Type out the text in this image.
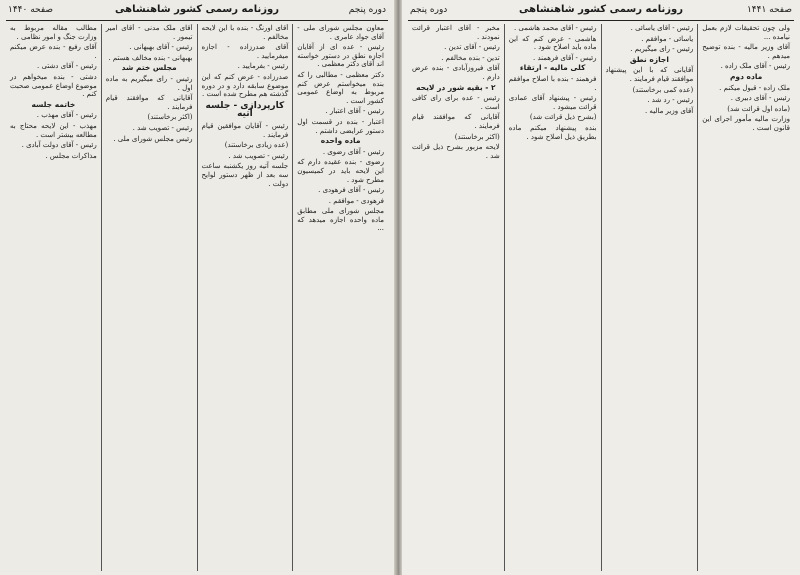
دوره پنجم
روزنامه رسمی کشور شاهنشاهی
صفحه ۱۴۴۰

معاون مجلس شورای ملی - آقای جواد عامری .

رئیس - عده ای از آقایان اجازه نطق در دستور خواسته اند آقای دکتر معظمی .

دکتر معظمی - مطالبی را که بنده میخواستم عرض کنم مربوط به اوضاع عمومی کشور است .

رئیس - آقای اعتبار .

اعتبار - بنده در قسمت اول دستور عرایضی داشتم .

ماده واحده

رئیس - آقای رضوی .

رضوی - بنده عقیده دارم که این لایحه باید در کمیسیون مطرح شود .

رئیس - آقای فرهودی .

فرهودی - موافقم .

مجلس شورای ملی مطابق ماده واحده اجازه میدهد که ...

آقای اورنگ - بنده با این لایحه مخالفم .

آقای صدرزاده - اجازه میفرمایید .

رئیس - بفرمایید .

صدرزاده - عرض کنم که این موضوع سابقه دارد و در دوره گذشته هم مطرح شده است .

کارپردازی - جلسه آتیه

رئیس - آقایان موافقین قیام فرمایند .

(عده زیادی برخاستند)

رئیس - تصویب شد .

جلسه آتیه روز یکشنبه ساعت سه بعد از ظهر دستور لوایح دولت .

آقای ملک مدنی - آقای امیر تیمور .

رئیس - آقای بهبهانی .

بهبهانی - بنده مخالف هستم .

مجلس ختم شد

رئیس - رای میگیریم به ماده اول .

آقایانی که موافقند قیام فرمایند .

(اکثر برخاستند)

رئیس - تصویب شد .

رئیس مجلس شورای ملی .

مطالب مقاله مربوط به وزارت جنگ و امور نظامی .

آقای رفیع - بنده عرض میکنم .

رئیس - آقای دشتی .

دشتی - بنده میخواهم در موضوع اوضاع عمومی صحبت کنم .

خاتمه جلسه

رئیس - آقای مهذب .

مهذب - این لایحه محتاج به مطالعه بیشتر است .

رئیس - آقای دولت آبادی .

مذاکرات مجلس .

صفحه ۱۴۴۱
روزنامه رسمی کشور شاهنشاهی
دوره پنجم

ولی چون تحقیقات لازم بعمل نیامده ...

آقای وزیر مالیه - بنده توضیح میدهم .

رئیس - آقای ملک زاده .

ماده دوم

ملک زاده - قبول میکنم .

رئیس - آقای دبیری .

(ماده اول قرائت شد)

وزارت مالیه مأمور اجرای این قانون است .

رئیس - آقای یاسائی .

یاسائی - موافقم .

رئیس - رای میگیریم .

اجازه نطق

آقایانی که با این پیشنهاد موافقند قیام فرمایند .

(عده کمی برخاستند)

رئیس - رد شد .

آقای وزیر مالیه .

رئیس - آقای محمد هاشمی .

هاشمی - عرض کنم که این ماده باید اصلاح شود .

رئیس - آقای فرهمند .

کلی مالیه - ارتقاء

فرهمند - بنده با اصلاح موافقم .

رئیس - پیشنهاد آقای عمادی قرائت میشود .

(بشرح ذیل قرائت شد)

بنده پیشنهاد میکنم ماده بطریق ذیل اصلاح شود .

مخبر - آقای اعتبار قرائت نمودند .

رئیس - آقای تدین .

تدین - بنده مخالفم .

آقای فیروزآبادی - بنده عرض دارم .

۲ - بقیه شور در لایحه

رئیس - عده برای رای کافی است .

آقایانی که موافقند قیام فرمایند .

(اکثر برخاستند)

لایحه مزبور بشرح ذیل قرائت شد .
